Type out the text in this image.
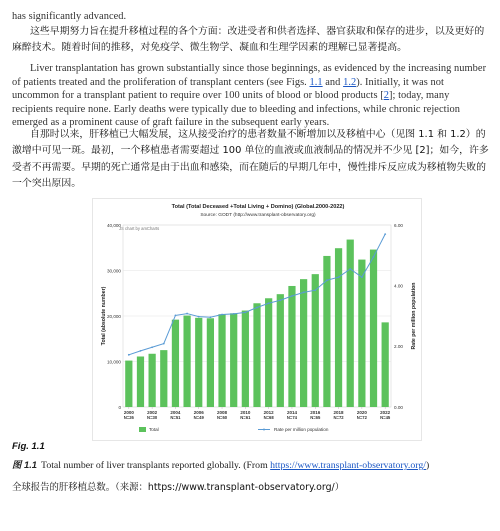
has significantly advanced.
这些早期努力旨在提升移植过程的各个方面：改进受者和供者选择、器官获取和保存的进步，以及更好的麻醉技术。随着时间的推移，对免疫学、微生物学、凝血和生理学因素的理解已显著提高。
Liver transplantation has grown substantially since those beginnings, as evidenced by the increasing number of patients treated and the proliferation of transplant centers (see Figs. 1.1 and 1.2). Initially, it was not uncommon for a transplant patient to require over 100 units of blood or blood products [2]; today, many recipients require none. Early deaths were typically due to bleeding and infections, while chronic rejection emerged as a prominent cause of graft failure in the subsequent early years.
自那时以来，肝移植已大幅发展，这从接受治疗的患者数量不断增加以及移植中心（见图 1.1 和 1.2）的激增中可见一斑。最初，一个移植患者需要超过 100 单位的血液或血液制品的情况并不少见 [2]；如今，许多受者不再需要。早期的死亡通常是由于出血和感染，而在随后的早期几年中，慢性排斥反应成为移植物失败的一个突出原因。
Total (Total Deceased +Total Living + Domino) (Global.2000-2022)
Source: GODT (http://www.transplant-observatory.org)
JS chart by amCharts
Total (absolute number)	Rate per million population
0
10,000
20,000
30,000
40,000
0.00
2.00
4.00
6.00
2000
N=26
2002
N=30
2004
N=51
2006
N=49
2008
N=60
2010
N=61
2012
N=68
2014
N=74
2016
N=65
2018
N=72
2020
N=72
2022
N=45
Total	Rate per million population
Fig. 1.1
图 1.1 Total number of liver transplants reported globally. (From https://www.transplant-observatory.org/)
全球报告的肝移植总数。（来源：https://www.transplant-observatory.org/）
